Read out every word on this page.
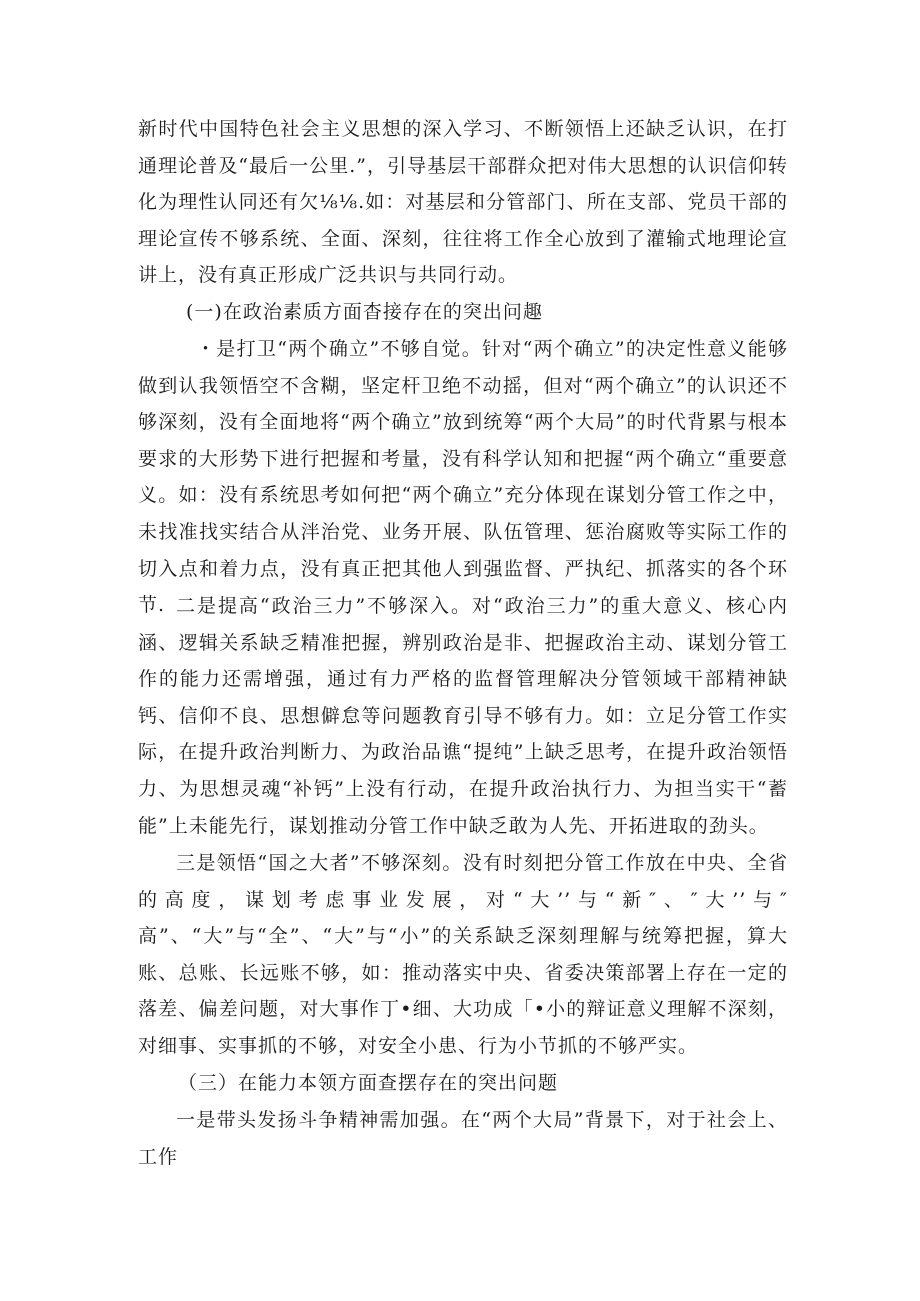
新时代中国特色社会主义思想的深入学习、不断领悟上还缺乏认识，在打通理论普及“最后一公里.”，引导基层干部群众把对伟大思想的认识信仰转化为理性认同还有欠⅛⅛.如：对基层和分管部门、所在支部、党员干部的理论宣传不够系统、全面、深刻，往往将工作全心放到了灌输式地理论宣讲上，没有真正形成广泛共识与共同行动。

(一)在政治素质方面杳接存在的突出问趣

・是打卫“两个确立”不够自觉。针对“两个确立”的决定性意义能够做到认我领悟空不含糊，坚定杆卫绝不动摇，但对“两个确立”的认识还不够深刻，没有全面地将“两个确立”放到统筹“两个大局”的时代背累与根本要求的大形势下进行把握和考量，没有科学认知和把握“两个确立“重要意义。如：没有系统思考如何把“两个确立”充分体现在谋划分管工作之中，未找准找实结合从泮治党、业务开展、队伍管理、惩治腐败等实际工作的切入点和着力点，没有真正把其他人到强监督、严执纪、抓落实的各个环节. 二是提高“政治三力”不够深入。对“政治三力”的重大意义、核心内涵、逻辑关系缺乏精准把握，辨别政治是非、把握政治主动、谋划分管工作的能力还需增强，通过有力严格的监督管理解决分管领域干部精神缺钙、信仰不良、思想僻怠等问题教育引导不够有力。如：立足分管工作实际，在提升政治判断力、为政治品谯“提纯”上缺乏思考，在提升政治领悟力、为思想灵魂“补钙”上没有行动，在提升政治执行力、为担当实干“蓄能”上未能先行，谋划推动分管工作中缺乏敢为人先、开拓进取的劲头。

三是领悟“国之大者”不够深刻。没有时刻把分管工作放在中央、全省的高度，谋划考虑事业发展，对“大’’与“新″、″大’’与″高”、“大”与“全”、“大”与“小”的关系缺乏深刻理解与统筹把握，算大账、总账、长远账不够，如：推动落实中央、省委决策部署上存在一定的落差、偏差问题，对大事作丁•细、大功成「•小的辩证意义理解不深刻，对细事、实事抓的不够，对安全小患、行为小节抓的不够严实。

（三）在能力本领方面查摆存在的突出问题

一是带头发扬斗争精神需加强。在“两个大局”背景下，对于社会上、工作
